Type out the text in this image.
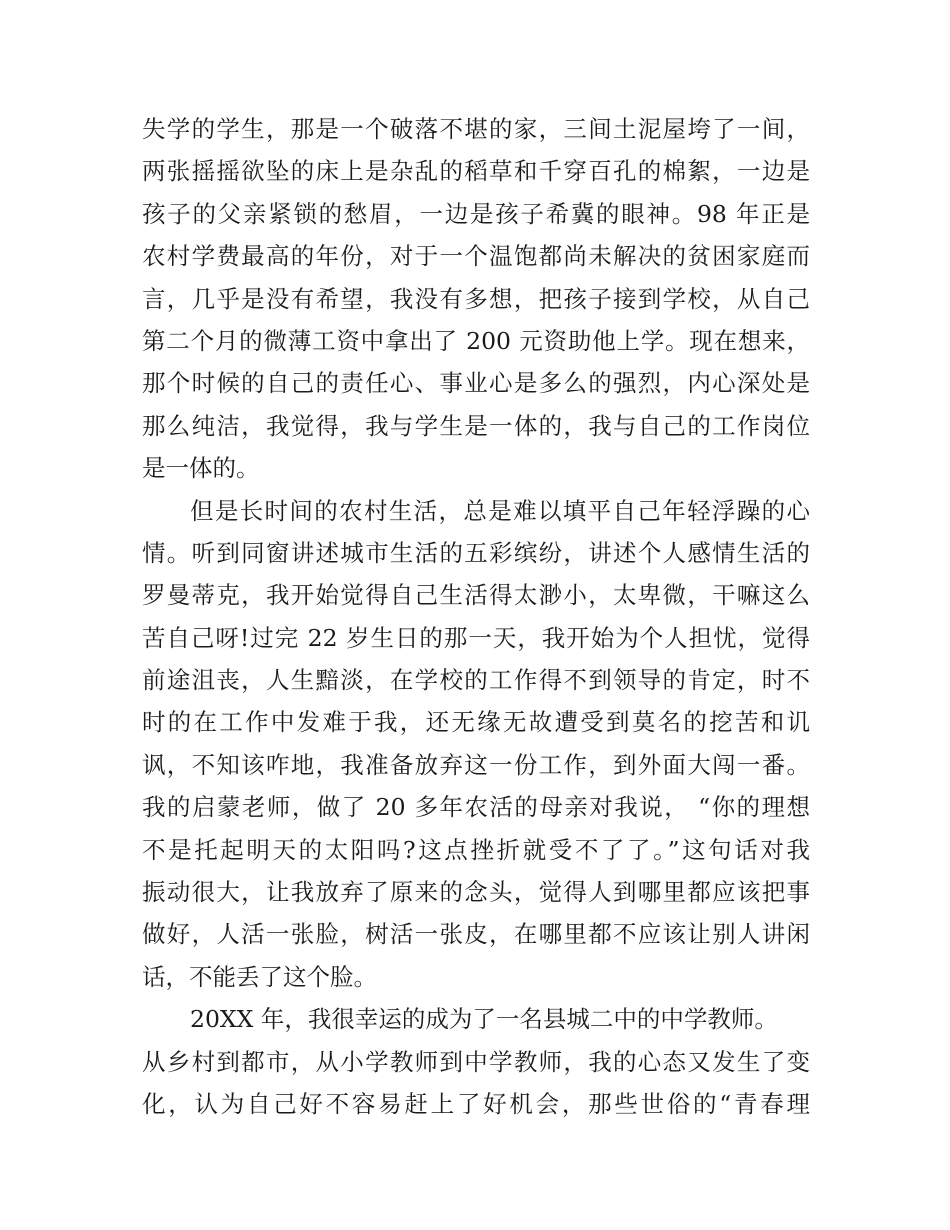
失学的学生，那是一个破落不堪的家，三间土泥屋垮了一间，
两张摇摇欲坠的床上是杂乱的稻草和千穿百孔的棉絮，一边是
孩子的父亲紧锁的愁眉，一边是孩子希冀的眼神。98 年正是
农村学费最高的年份，对于一个温饱都尚未解决的贫困家庭而
言，几乎是没有希望，我没有多想，把孩子接到学校，从自己
第二个月的微薄工资中拿出了 200 元资助他上学。现在想来，
那个时候的自己的责任心、事业心是多么的强烈，内心深处是
那么纯洁，我觉得，我与学生是一体的，我与自己的工作岗位
是一体的。
但是长时间的农村生活，总是难以填平自己年轻浮躁的心
情。听到同窗讲述城市生活的五彩缤纷，讲述个人感情生活的
罗曼蒂克，我开始觉得自己生活得太渺小，太卑微，干嘛这么
苦自己呀!过完 22 岁生日的那一天，我开始为个人担忧，觉得
前途沮丧，人生黯淡，在学校的工作得不到领导的肯定，时不
时的在工作中发难于我，还无缘无故遭受到莫名的挖苦和讥
讽，不知该咋地，我准备放弃这一份工作，到外面大闯一番。
我的启蒙老师，做了 20 多年农活的母亲对我说， “你的理想
不是托起明天的太阳吗?这点挫折就受不了了。”这句话对我
振动很大，让我放弃了原来的念头，觉得人到哪里都应该把事
做好，人活一张脸，树活一张皮，在哪里都不应该让别人讲闲
话，不能丢了这个脸。
20XX 年，我很幸运的成为了一名县城二中的中学教师。
从乡村到都市，从小学教师到中学教师，我的心态又发生了变
化，认为自己好不容易赶上了好机会，那些世俗的“青春理
